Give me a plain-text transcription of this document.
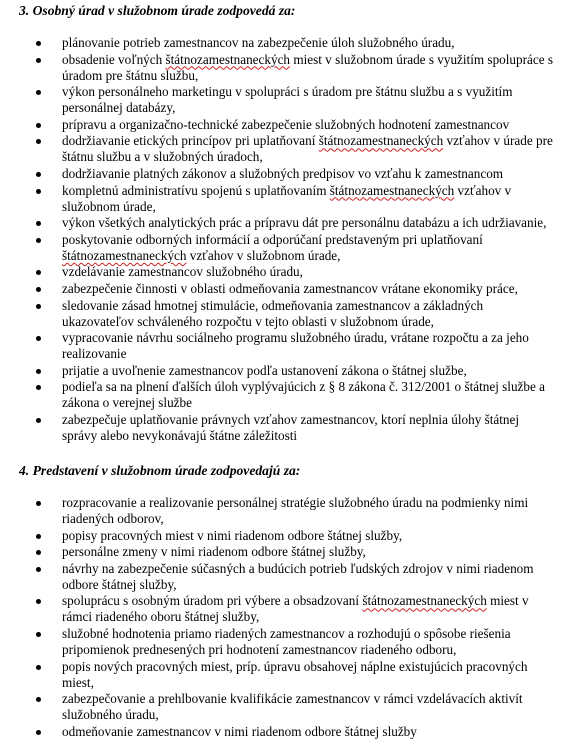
3. Osobný úrad v služobnom úrade zodpovedá za:

plánovanie potrieb zamestnancov na zabezpečenie úloh služobného úradu,
obsadenie voľných štátnozamestnaneckých miest v služobnom úrade s využitím spolupráce s úradom pre štátnu službu,
výkon personálneho marketingu v spolupráci s úradom pre štátnu službu a s využitím personálnej databázy,
prípravu a organizačno-technické zabezpečenie služobných hodnotení zamestnancov
dodržiavanie etických princípov pri uplatňovaní štátnozamestnaneckých vzťahov v úrade pre štátnu službu a v služobných úradoch,
dodržiavanie platných zákonov a služobných predpisov vo vzťahu k zamestnancom
kompletnú administratívu spojenú s uplatňovaním štátnozamestnaneckých vzťahov v služobnom úrade,
výkon všetkých analytických prác a prípravu dát pre personálnu databázu a ich udržiavanie,
poskytovanie odborných informácií a odporúčaní predstaveným pri uplatňovaní štátnozamestnaneckých vzťahov v služobnom úrade,
vzdelávanie zamestnancov služobného úradu,
zabezpečenie činnosti v oblasti odmeňovania zamestnancov vrátane ekonomiky práce,
sledovanie zásad hmotnej stimulácie, odmeňovania zamestnancov a základných ukazovateľov schváleného rozpočtu v tejto oblasti v služobnom úrade,
vypracovanie návrhu sociálneho programu služobného úradu, vrátane rozpočtu a za jeho realizovanie
prijatie a uvoľnenie zamestnancov podľa ustanovení zákona o štátnej službe,
podieľa sa na plnení ďalších úloh vyplývajúcich z § 8 zákona č. 312/2001 o štátnej službe a zákona o verejnej službe
zabezpečuje uplatňovanie právnych vzťahov zamestnancov, ktorí neplnia úlohy štátnej správy alebo nevykonávajú štátne záležitosti

4. Predstavení v služobnom úrade zodpovedajú za:

rozpracovanie a realizovanie personálnej stratégie služobného úradu na podmienky nimi riadených odborov,
popisy pracovných miest v nimi riadenom odbore štátnej služby,
personálne zmeny v nimi riadenom odbore štátnej služby,
návrhy na zabezpečenie súčasných a budúcich potrieb ľudských zdrojov v nimi riadenom odbore štátnej služby,
spoluprácu s osobným úradom pri výbere a obsadzovaní štátnozamestnaneckých miest v rámci riadeného oboru štátnej služby,
služobné hodnotenia priamo riadených zamestnancov a rozhodujú o spôsobe riešenia pripomienok prednesených pri hodnotení zamestnancov riadeného odboru,
popis nových pracovných miest, príp. úpravu obsahovej náplne existujúcich pracovných miest,
zabezpečovanie a prehlbovanie kvalifikácie zamestnancov v rámci vzdelávacích aktivít služobného úradu,
odmeňovanie zamestnancov v nimi riadenom odbore štátnej služby
